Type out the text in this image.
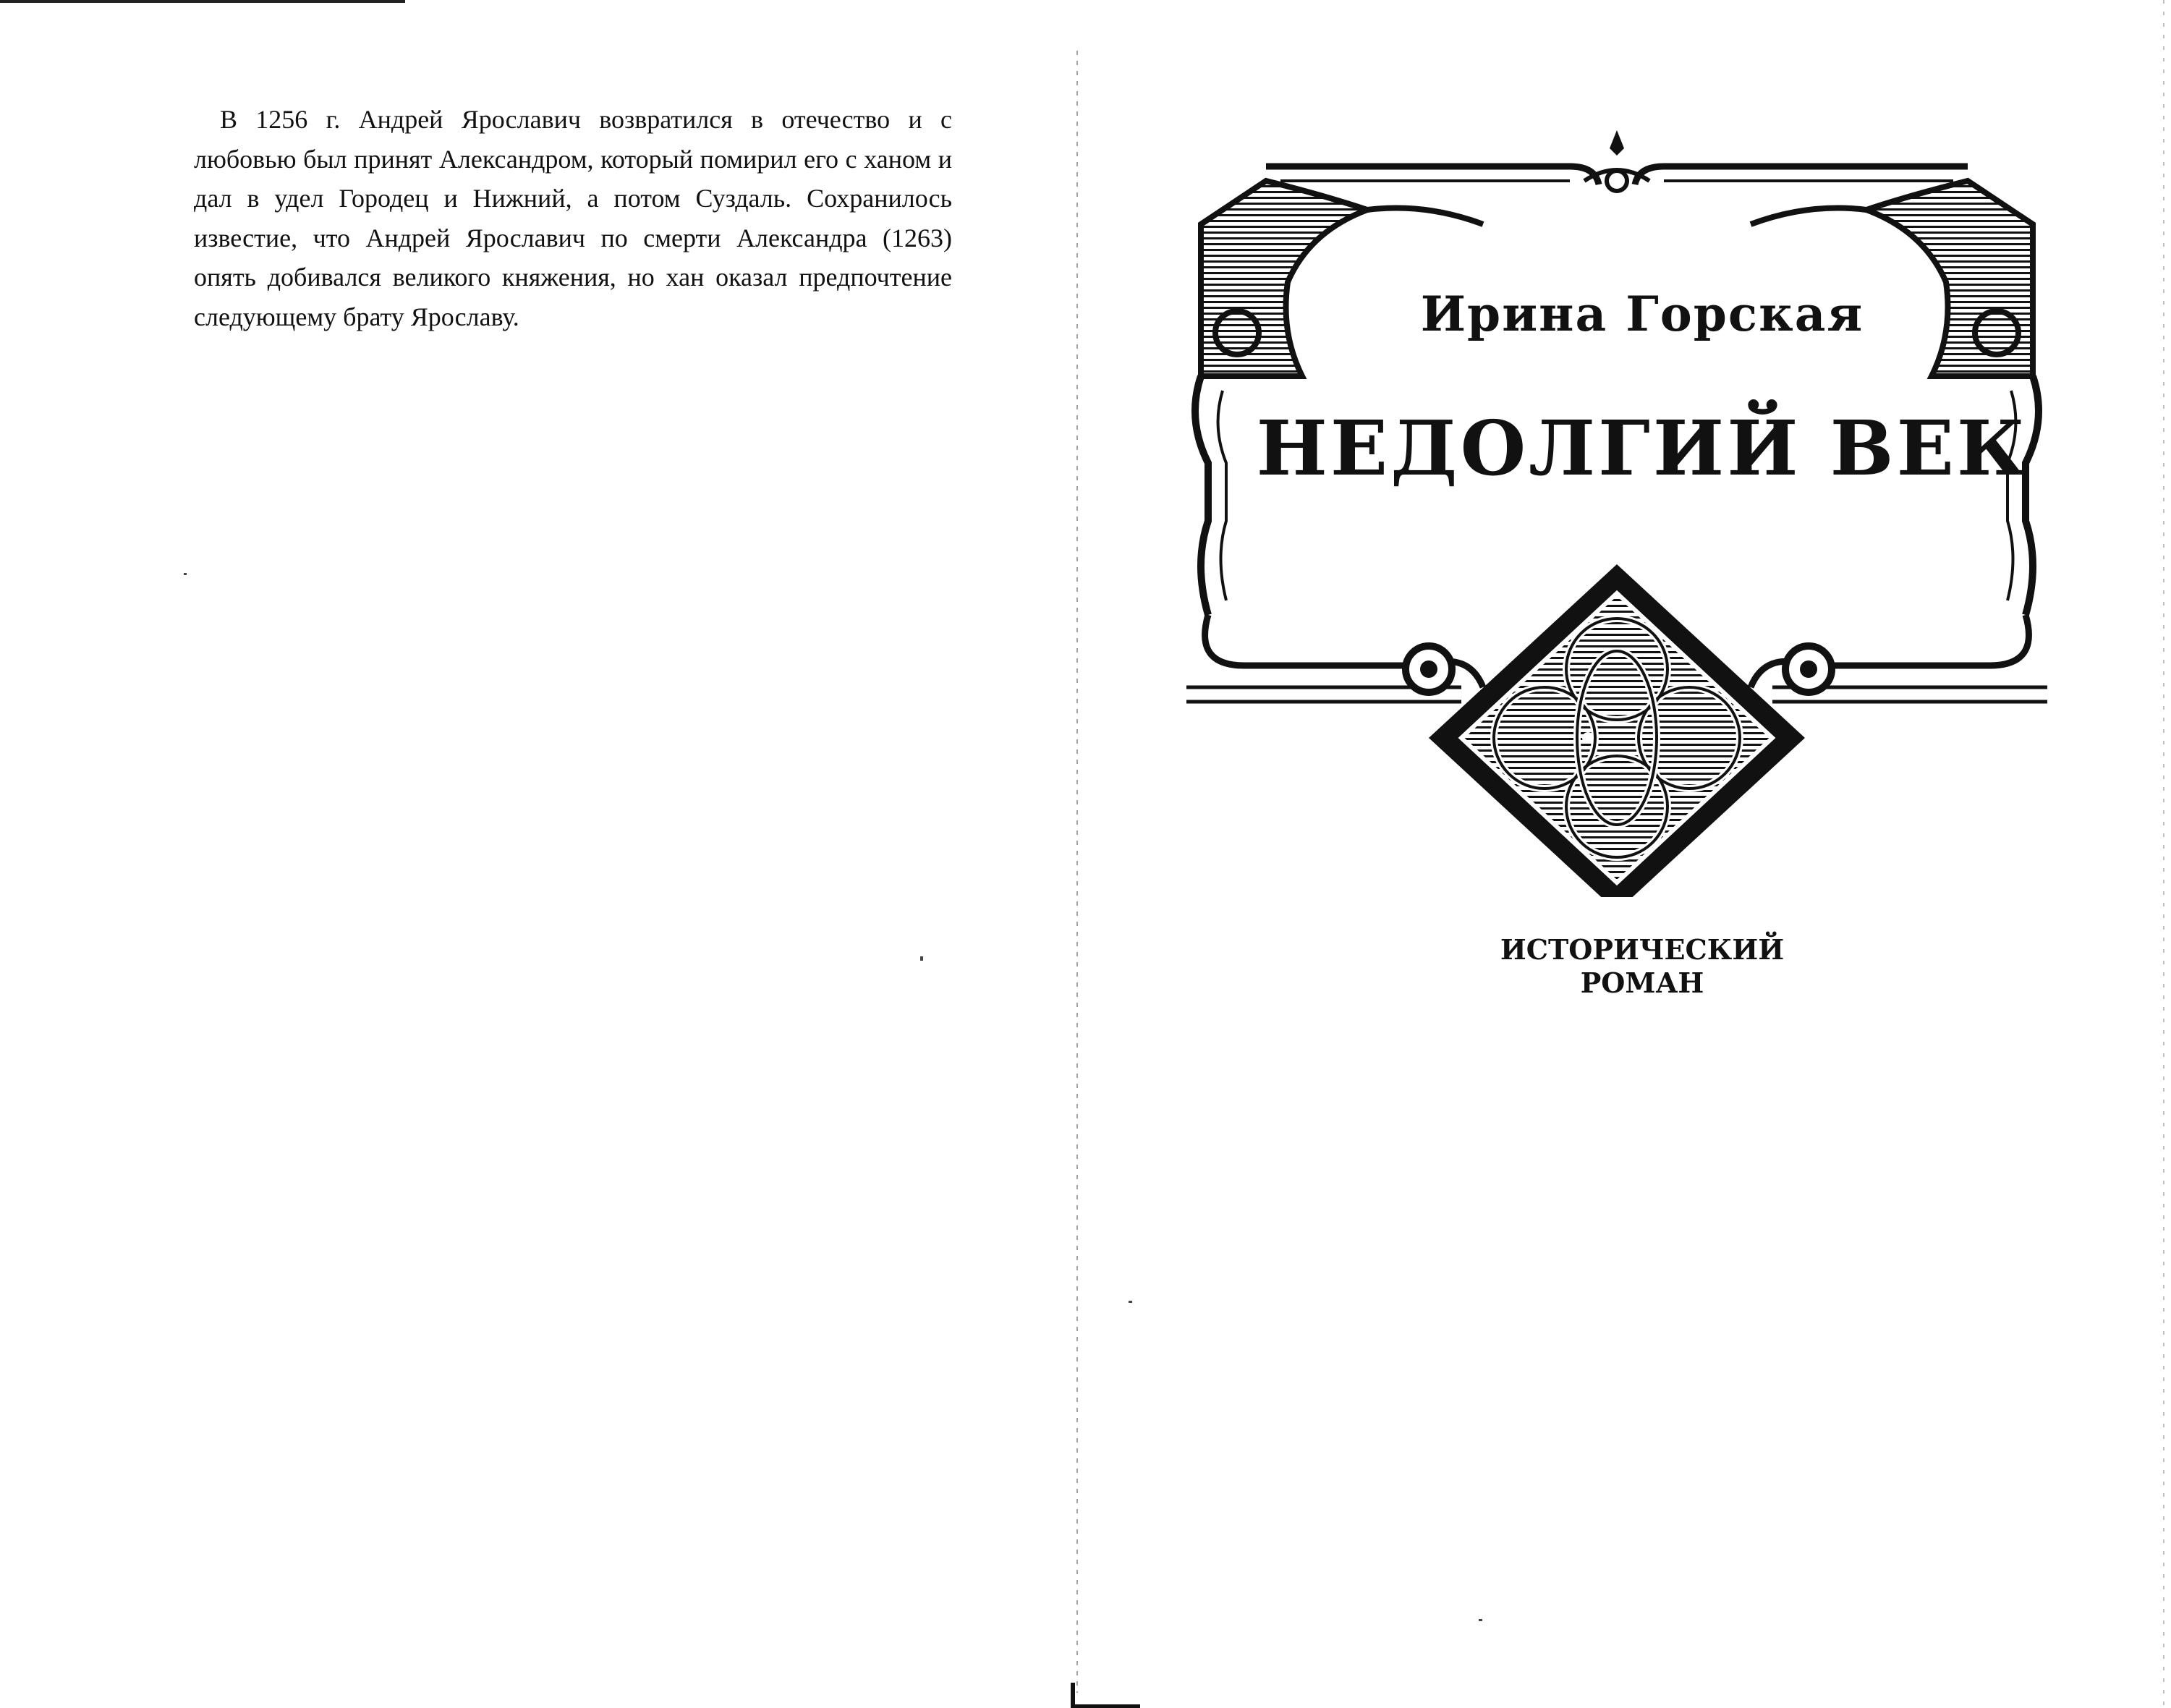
В 1256 г. Андрей Ярославич возвратился в отечество и с любовью был принят Александром, который помирил его с ханом и дал в удел Городец и Нижний, а потом Суздаль. Сохранилось известие, что Андрей Ярославич по смерти Александра (1263) опять добивался великого княжения, но хан оказал предпочтение следующему брату Ярославу.	Ирина Горская
НЕДОЛГИЙ ВЕК
ИСТОРИЧЕСКИЙ
РОМАН
